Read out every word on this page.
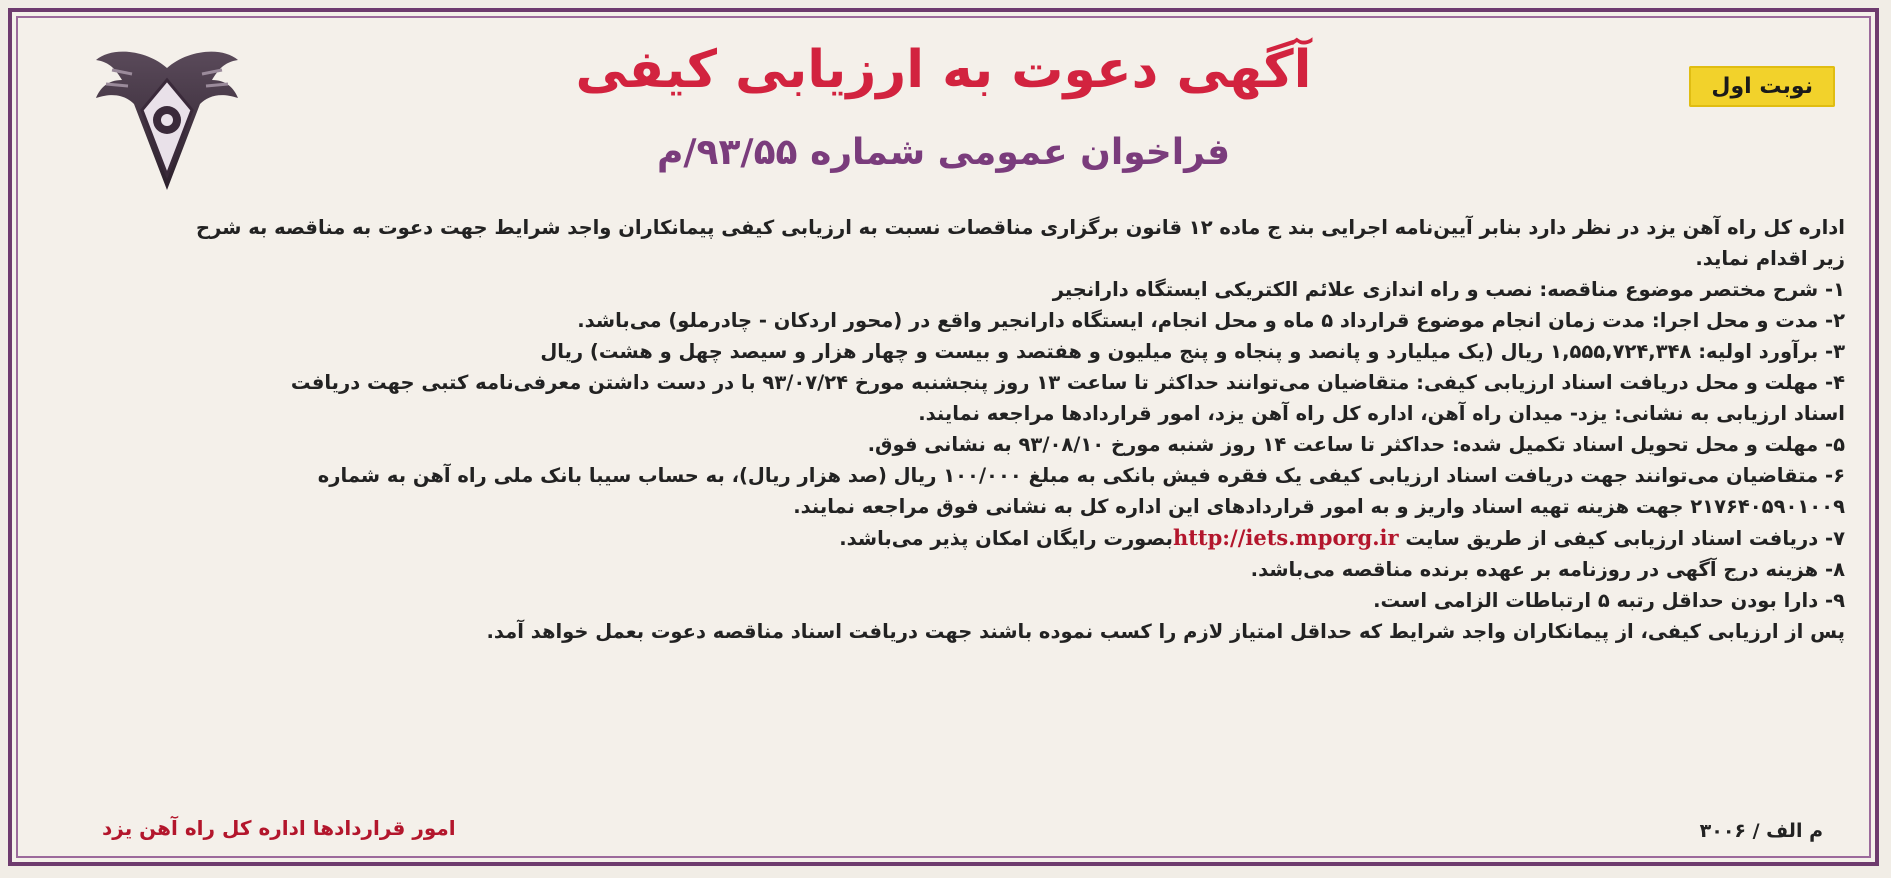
نوبت اول
آگهی دعوت به ارزیابی کیفی
فراخوان عمومی شماره ۹۳/۵۵/م

اداره کل راه آهن یزد در نظر دارد بنابر آیین‌نامه اجرایی بند ج ماده ۱۲ قانون برگزاری مناقصات نسبت به ارزیابی کیفی پیمانکاران واجد شرایط جهت دعوت به مناقصه به شرح

زیر اقدام نماید.

۱- شرح مختصر موضوع مناقصه: نصب و راه اندازی علائم الکتریکی ایستگاه دارانجیر

۲- مدت و محل اجرا: مدت زمان انجام موضوع قرارداد ۵ ماه و محل انجام، ایستگاه دارانجیر واقع در (محور اردکان - چادرملو) می‌باشد.

۳- برآورد اولیه: ۱,۵۵۵,۷۲۴,۳۴۸ ریال (یک میلیارد و پانصد و پنجاه و پنج میلیون و هفتصد و بیست و چهار هزار و سیصد چهل و هشت) ریال

۴- مهلت و محل دریافت اسناد ارزیابی کیفی: متقاضیان می‌توانند حداکثر تا ساعت ۱۳ روز پنجشنبه مورخ ۹۳/۰۷/۲۴ با در دست داشتن معرفی‌نامه کتبی جهت دریافت

اسناد ارزیابی به نشانی: یزد- میدان راه آهن، اداره کل راه آهن یزد، امور قراردادها مراجعه نمایند.

۵- مهلت و محل تحویل اسناد تکمیل شده: حداکثر تا ساعت ۱۴ روز شنبه مورخ ۹۳/۰۸/۱۰ به نشانی فوق.

۶- متقاضیان می‌توانند جهت دریافت اسناد ارزیابی کیفی یک فقره فیش بانکی به مبلغ ۱۰۰/۰۰۰ ریال (صد هزار ریال)، به حساب سیبا بانک ملی راه آهن به شماره

۲۱۷۶۴۰۵۹۰۱۰۰۹ جهت هزینه تهیه اسناد واریز و به امور قراردادهای این اداره کل به نشانی فوق مراجعه نمایند.

۷- دریافت اسناد ارزیابی کیفی از طریق سایت http://iets.mporg.irبصورت رایگان امکان پذیر می‌باشد.

۸- هزینه درج آگهی در روزنامه بر عهده برنده مناقصه می‌باشد.

۹- دارا بودن حداقل رتبه ۵ ارتباطات الزامی است.

پس از ارزیابی کیفی، از پیمانکاران واجد شرایط که حداقل امتیاز لازم را کسب نموده باشند جهت دریافت اسناد مناقصه دعوت بعمل خواهد آمد.

امور قراردادها اداره کل راه آهن یزد	م الف / ۳۰۰۶
